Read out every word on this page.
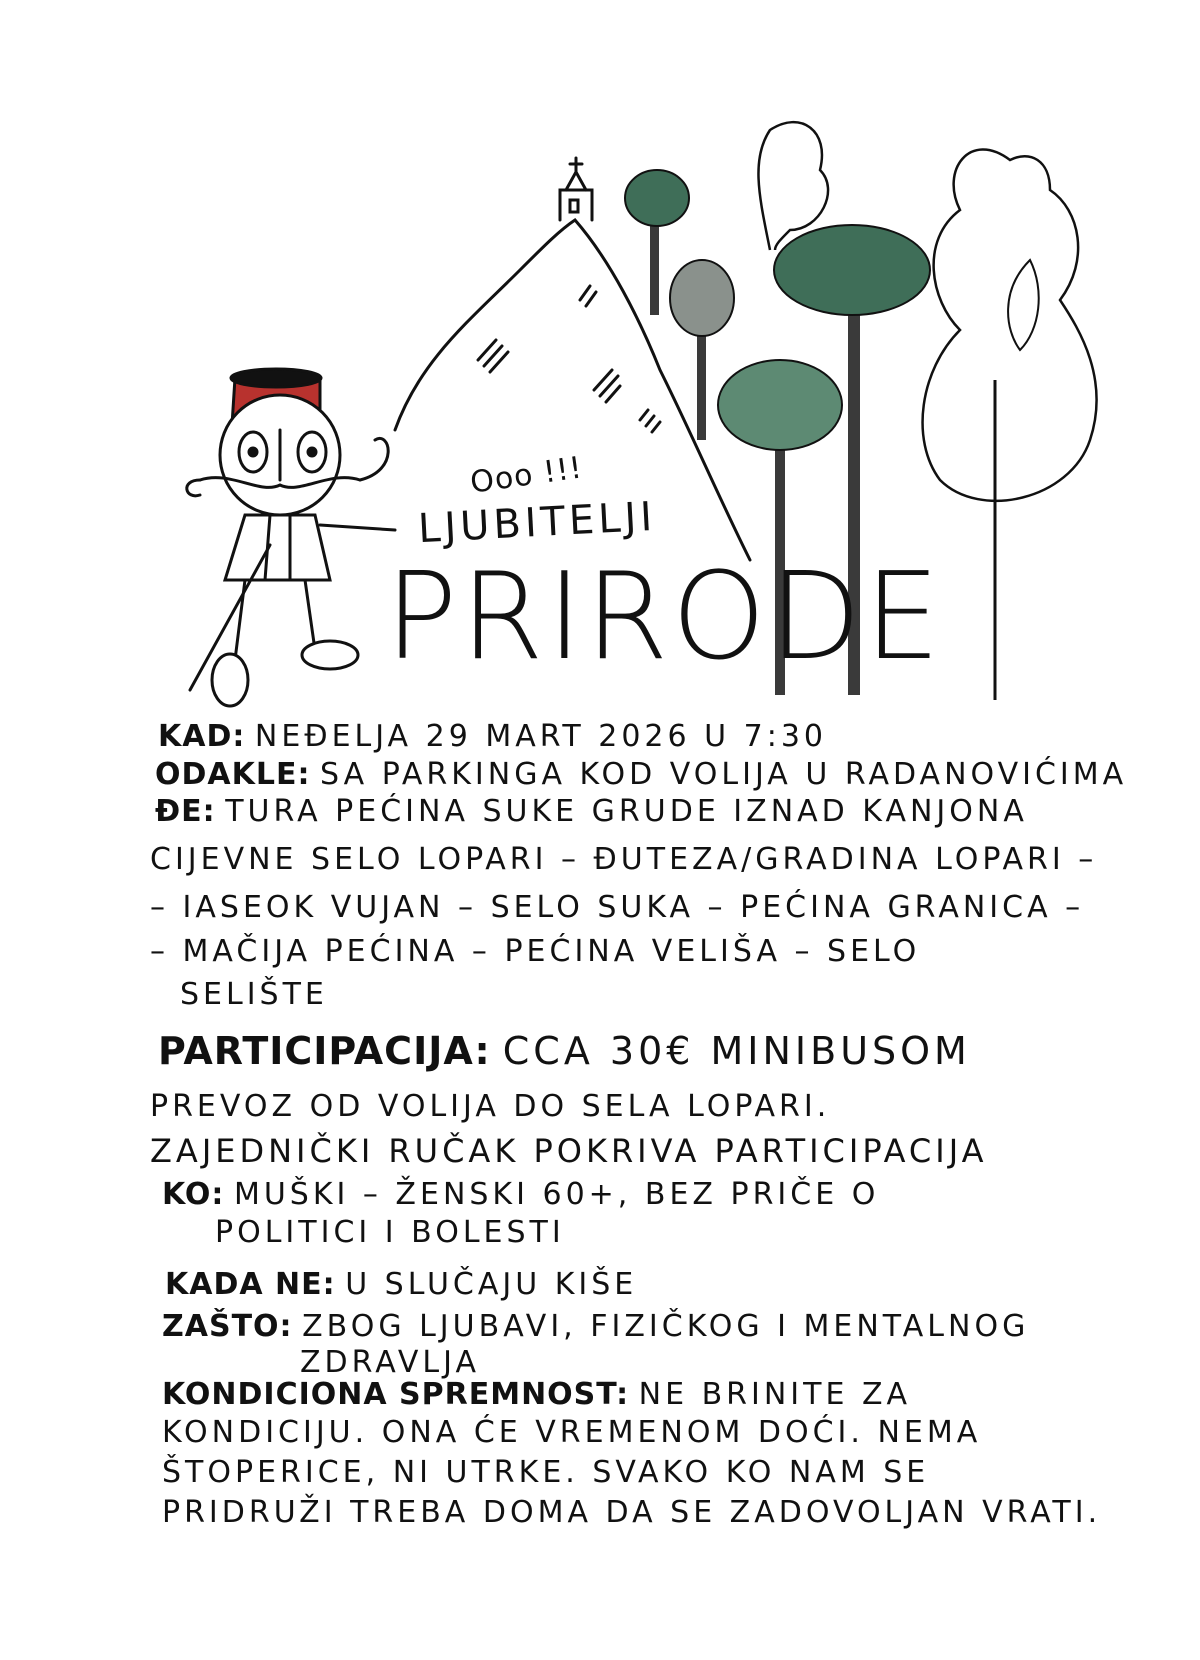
Ooo !!!
LJUBITELJI
PRIRODE
KAD: NEĐELJA 29 MART 2026 U 7:30
ODAKLE: SA PARKINGA KOD VOLIJA U RADANOVIĆIMA
ĐE: TURA PEĆINA SUKE GRUDE IZNAD KANJONA
CIJEVNE SELO LOPARI – ĐUTEZA/GRADINA LOPARI –
– IASEOK VUJAN – SELO SUKA – PEĆINA GRANICA –
– MAČIJA PEĆINA – PEĆINA VELIŠA – SELO
SELIŠTE
PARTICIPACIJA: CCA 30€ MINIBUSOM
PREVOZ OD VOLIJA DO SELA LOPARI.
ZAJEDNIČKI RUČAK POKRIVA PARTICIPACIJA
KO: MUŠKI – ŽENSKI 60+, BEZ PRIČE O
POLITICI I BOLESTI
KADA NE: U SLUČAJU KIŠE
ZAŠTO: ZBOG LJUBAVI, FIZIČKOG I MENTALNOG
ZDRAVLJA
KONDICIONA SPREMNOST: NE BRINITE ZA
KONDICIJU. ONA ĆE VREMENOM DOĆI. NEMA
ŠTOPERICE, NI UTRKE. SVAKO KO NAM SE
PRIDRUŽI TREBA DOMA DA SE ZADOVOLJAN VRATI.
